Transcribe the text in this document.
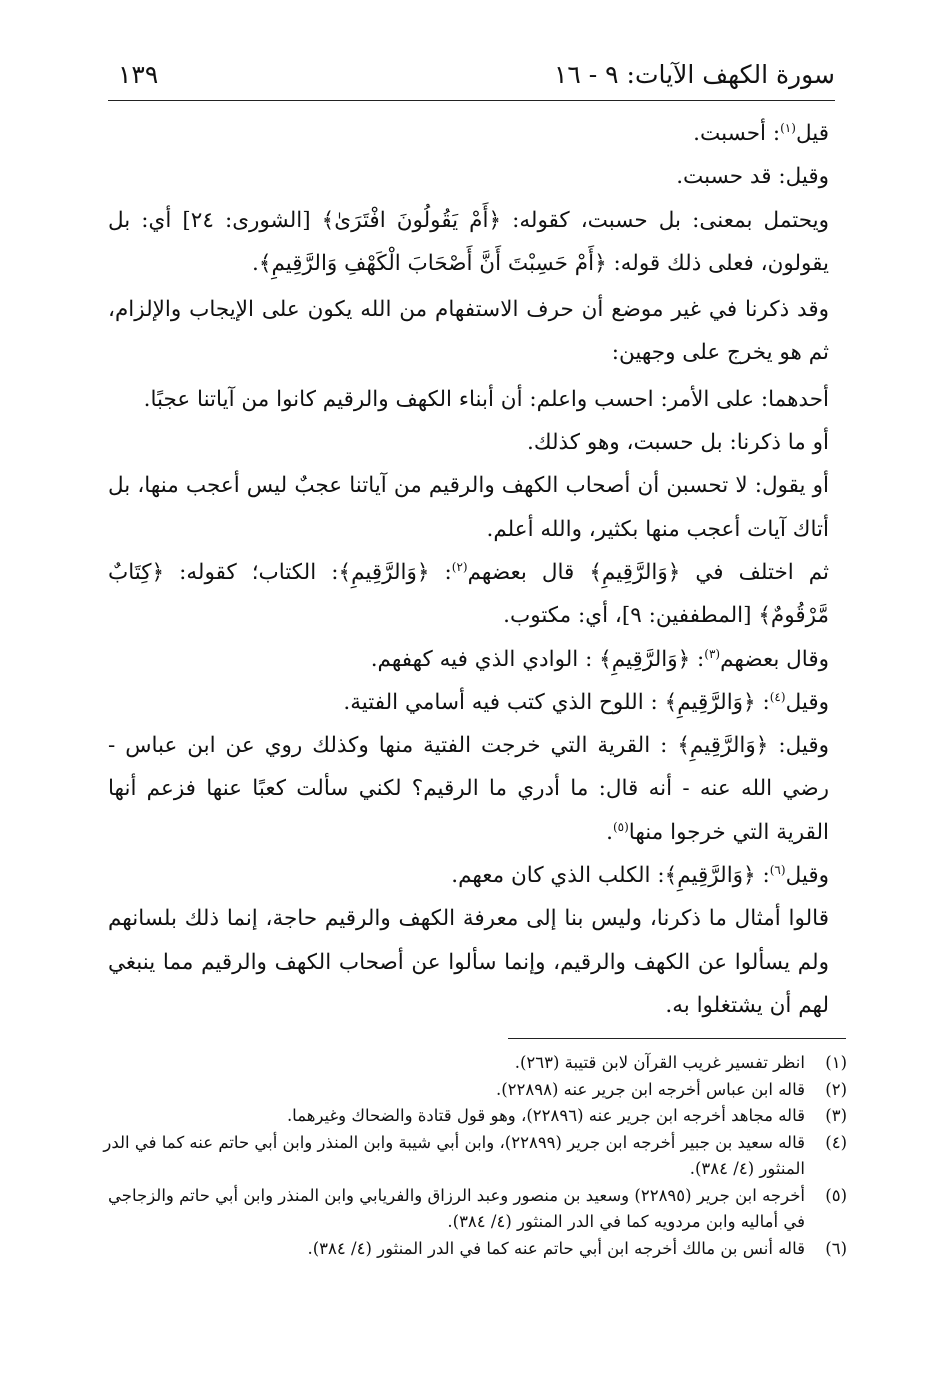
سورة الكهف الآيات: ٩ - ١٦
١٣٩

قيل$^{(١)}$: أحسبت.

وقيل: قد حسبت.

ويحتمل بمعنى: بل حسبت، كقوله: ﴿أَمْ يَقُولُونَ افْتَرَىٰ﴾ [الشورى: ٢٤] أي: بل يقولون، فعلى ذلك قوله: ﴿أَمْ حَسِبْتَ أَنَّ أَصْحَابَ الْكَهْفِ وَالرَّقِيمِ﴾.

وقد ذكرنا في غير موضع أن حرف الاستفهام من الله يكون على الإيجاب والإلزام، ثم هو يخرج على وجهين:

أحدهما: على الأمر: احسب واعلم: أن أبناء الكهف والرقيم كانوا من آياتنا عجبًا.

أو ما ذكرنا: بل حسبت، وهو كذلك.

أو يقول: لا تحسبن أن أصحاب الكهف والرقيم من آياتنا عجبٌ ليس أعجب منها، بل أتاك آيات أعجب منها بكثير، والله أعلم.

ثم اختلف في ﴿وَالرَّقِيمِ﴾ قال بعضهم$^{(٢)}$: ﴿وَالرَّقِيمِ﴾: الكتاب؛ كقوله: ﴿كِتَابٌ مَّرْقُومٌ﴾ [المطففين: ٩]، أي: مكتوب.

وقال بعضهم$^{(٣)}$: ﴿وَالرَّقِيمِ﴾ : الوادي الذي فيه كهفهم.

وقيل$^{(٤)}$: ﴿وَالرَّقِيمِ﴾ : اللوح الذي كتب فيه أسامي الفتية.

وقيل: ﴿وَالرَّقِيمِ﴾ : القرية التي خرجت الفتية منها وكذلك روي عن ابن عباس - رضي الله عنه - أنه قال: ما أدري ما الرقيم؟ لكني سألت كعبًا عنها فزعم أنها القرية التي خرجوا منها$^{(٥)}$.

وقيل$^{(٦)}$: ﴿وَالرَّقِيمِ﴾: الكلب الذي كان معهم.

قالوا أمثال ما ذكرنا، وليس بنا إلى معرفة الكهف والرقيم حاجة، إنما ذلك بلسانهم ولم يسألوا عن الكهف والرقيم، وإنما سألوا عن أصحاب الكهف والرقيم مما ينبغي لهم أن يشتغلوا به.

(١)
انظر تفسير غريب القرآن لابن قتيبة (٢٦٣).
(٢)
قاله ابن عباس أخرجه ابن جرير عنه (٢٢٨٩٨).
(٣)
قاله مجاهد أخرجه ابن جرير عنه (٢٢٨٩٦)، وهو قول قتادة والضحاك وغيرهما.
(٤)
قاله سعيد بن جبير أخرجه ابن جرير (٢٢٨٩٩)، وابن أبي شيبة وابن المنذر وابن أبي حاتم عنه كما في الدر المنثور (٤/ ٣٨٤).
(٥)
أخرجه ابن جرير (٢٢٨٩٥) وسعيد بن منصور وعبد الرزاق والفريابي وابن المنذر وابن أبي حاتم والزجاجي في أماليه وابن مردويه كما في الدر المنثور (٤/ ٣٨٤).
(٦)
قاله أنس بن مالك أخرجه ابن أبي حاتم عنه كما في الدر المنثور (٤/ ٣٨٤).
